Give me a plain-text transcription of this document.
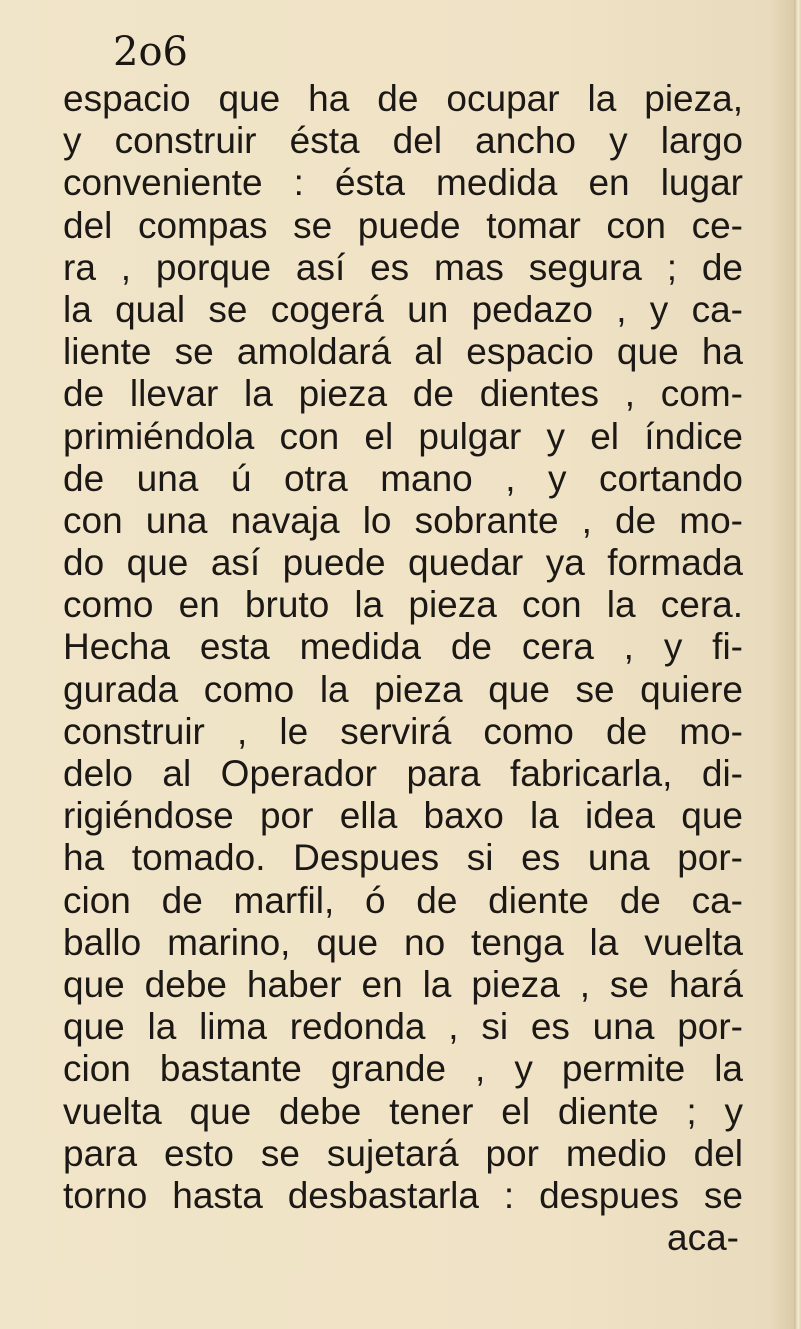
2o6

espacio que ha de ocupar la pieza,
y construir ésta del ancho y largo
conveniente : ésta medida en lugar
del compas se puede tomar con ce-
ra , porque así es mas segura ; de
la qual se cogerá un pedazo , y ca-
liente se amoldará al espacio que ha
de llevar la pieza de dientes , com-
primiéndola con el pulgar y el índice
de una ú otra mano , y cortando
con una navaja lo sobrante , de mo-
do que así puede quedar ya formada
como en bruto la pieza con la cera.
Hecha esta medida de cera , y fi-
gurada como la pieza que se quiere
construir , le servirá como de mo-
delo al Operador para fabricarla, di-
rigiéndose por ella baxo la idea que
ha tomado. Despues si es una por-
cion de marfil, ó de diente de ca-
ballo marino, que no tenga la vuelta
que debe haber en la pieza , se hará
que la lima redonda , si es una por-
cion bastante grande , y permite la
vuelta que debe tener el diente ; y
para esto se sujetará por medio del
torno hasta desbastarla : despues se
aca-
